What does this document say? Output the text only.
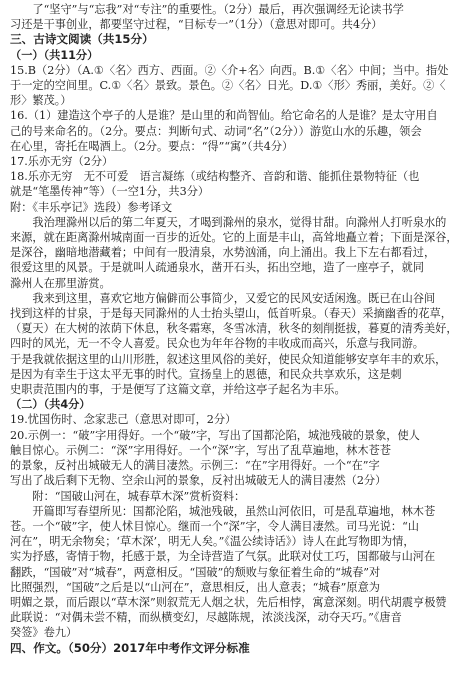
了“坚守”与“忘我”对“专注”的重要性。（2分）最后，再次强调经无论读书学

习还是干事创业，都要坚守过程，“目标专一”（1分）（意思对即可。共4分）

三、古诗文阅读（共15分）

（一）（共11分）

15.B（2分）（A.①〈名〉西方、西面。②〈介+名〉向西。B.①〈名〉中间；当中。指处

于一定的空间里。C.①〈名〉景致。景色。②〈名〉日光。D.①〈形〉秀丽，美好。②〈

形〉繁茂。）

16.（1）建造这个亭子的人是谁？是山里的和尚智仙。给它命名的人是谁？是太守用自

己的号来命名的。（2分。要点：判断句式、动词“名”（2分））游览山水的乐趣，领会

在心里，寄托在喝酒上。（2分。要点：“得”“寓”（共4分）

17.乐亦无穷（2分）

18.乐亦无穷　无不可爱　语言凝练（或结构整齐、音韵和谐、能抓住景物特征（也

就是“笔墨传神”等）（一空1分，共3分）

附：《丰乐亭记》选段）参考译文

我治理滁州以后的第二年夏天，才喝到滁州的泉水，觉得甘甜。向滁州人打听泉水的

来源，就在距离滁州城南面一百步的近处。它的上面是丰山，高耸地矗立着；下面是深谷，

是深谷，幽暗地潜藏着；中间有一股清泉，水势汹涌，向上涌出。我上下左右都看过，

很爱这里的风景。于是就叫人疏通泉水，凿开石头，拓出空地，造了一座亭子，就同

滁州人在那里游赏。

我来到这里，喜欢它地方偏僻而公事简少，又爱它的民风安适闲逸。既已在山谷间

找到这样的甘泉，于是每天同滁州的人士抬头望山，低首听泉。（春天）采摘幽香的花草，

（夏天）在大树的浓荫下休息，秋冬霜寒，冬雪冰清，秋冬的刻削挺拔，暮夏的清秀美好，

四时的风光，无一不令人喜爱。民众也为年年谷物的丰收成而高兴，乐意与我同游。

于是我就依据这里的山川形胜，叙述这里风俗的美好，使民众知道能够安享年丰的欢乐，

是因为有幸生于这太平无事的时代。宣扬皇上的恩德，和民众共享欢乐，这是刺

史职责范围内的事，于是便写了这篇文章，并给这亭子起名为丰乐。

（二）（共4分）

19.忧国伤时、念家悲己（意思对即可，2分）

20.示例一：“破”字用得好。一个“破”字，写出了国都沦陷，城池残破的景象，使人

触目惊心。示例二：“深”字用得好。一个“深”字，写出了乱草遍地，林木苍苍

的景象，反衬出城破无人的满目凄然。示例三：“在”字用得好。一个“在”字

写出了战后剩下无物、空余山河的景象，反衬出城破无人的满目凄然（2分）

附：“国破山河在，城春草木深”赏析资料：

开篇即写春望所见：国都沦陷，城池残破，虽然山河依旧，可是乱草遍地，林木苍

苍。一个“破”字，使人怵目惊心。继而一个“深”字，令人满目凄然。司马光说：“山

河在”，明无余物矣；‘草木深’，明无人矣。”《温公续诗话》）诗人在此写物即为情，

实为抒感，寄情于物，托感于景，为全诗营造了气氛。此联对仗工巧，国都破与山河在

翻跌，“国破”对“城春”，两意相反。“国破”的颓败与象征着生命的“城春”对

比照强烈，“国破”之后是以“山河在”，意思相反，出人意表；“城春”原意为

明媚之景，而后跟以“草木深”则叙荒无人烟之状，先后相悖，寓意深刻。明代胡震亨极赞

此联说：“对偶未尝不精，而纵横变幻，尽越陈规，浓淡浅深，动夺天巧。”《唐音

癸签》卷九）

四、作文。（50分）2017年中考作文评分标准
